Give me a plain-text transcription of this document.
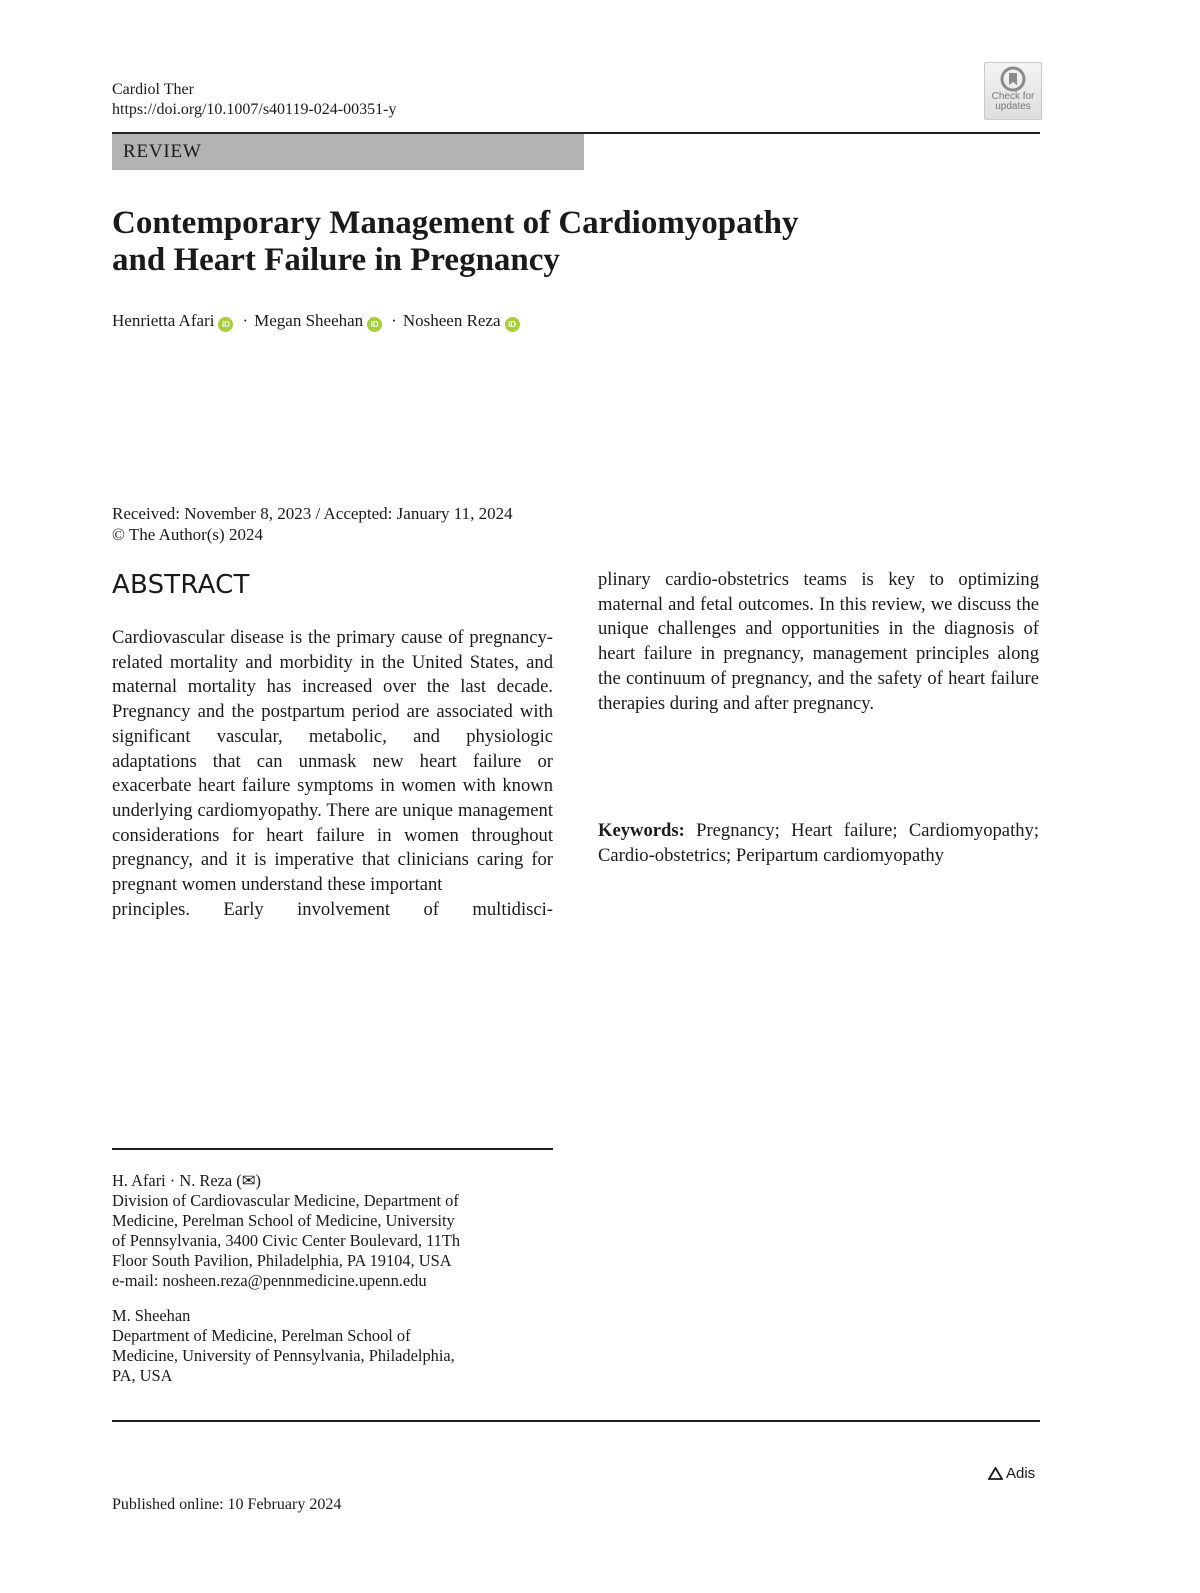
Cardiol Ther
https://doi.org/10.1007/s40119-024-00351-y
Check for
updates
REVIEW
Contemporary Management of Cardiomyopathy
and Heart Failure in Pregnancy
Henrietta Afari iD · Megan Sheehan iD · Nosheen Reza iD
Received: November 8, 2023 / Accepted: January 11, 2024
© The Author(s) 2024
ABSTRACT

Cardiovascular disease is the primary cause of pregnancy-related mortality and morbidity in the United States, and maternal mortality has increased over the last decade. Pregnancy and the postpartum period are associated with significant vascular, metabolic, and physiologic adaptations that can unmask new heart failure or exacerbate heart failure symptoms in women with known underlying cardiomyopathy. There are unique management considerations for heart failure in women throughout pregnancy, and it is imperative that clinicians caring for pregnant women understand these important

principles. Early involvement of multidisci-

plinary cardio-obstetrics teams is key to optimizing maternal and fetal outcomes. In this review, we discuss the unique challenges and opportunities in the diagnosis of heart failure in pregnancy, management principles along the continuum of pregnancy, and the safety of heart failure therapies during and after pregnancy.

Keywords: Pregnancy; Heart failure; Cardiomyopathy; Cardio-obstetrics; Peripartum cardiomyopathy

H. Afari · N. Reza (✉)
Division of Cardiovascular Medicine, Department of
Medicine, Perelman School of Medicine, University
of Pennsylvania, 3400 Civic Center Boulevard, 11Th
Floor South Pavilion, Philadelphia, PA 19104, USA
e-mail: nosheen.reza@pennmedicine.upenn.edu
M. Sheehan
Department of Medicine, Perelman School of
Medicine, University of Pennsylvania, Philadelphia,
PA, USA
Adis
Published online: 10 February 2024
